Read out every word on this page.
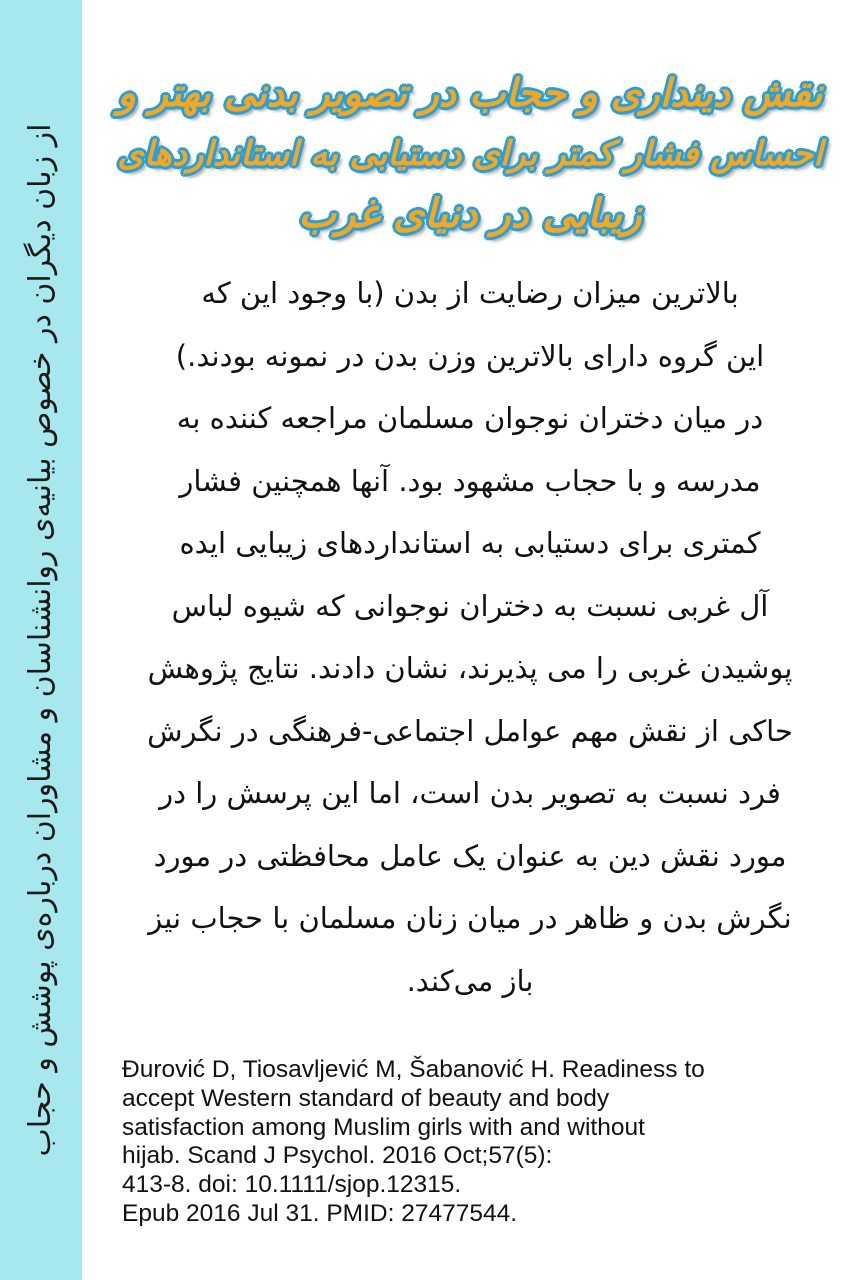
از زبان دیگران در خصوص بیانیه‌ی روانشناسان و مشاوران درباره‌ی پوشش و حجاب
نقش دینداری و حجاب در تصویر بدنی بهتر و
احساس فشار کمتر برای دستیابی به استانداردهای
زیبایی در دنیای غرب
بالاترین میزان رضایت از بدن (با وجود این که
این گروه دارای بالاترین وزن بدن در نمونه بودند.)
در میان دختران نوجوان مسلمان مراجعه کننده به
مدرسه و با حجاب مشهود بود. آنها همچنین فشار
کمتری برای دستیابی به استانداردهای زیبایی ایده
آل غربی نسبت به دختران نوجوانی که شیوه لباس
پوشیدن غربی را می پذیرند، نشان دادند. نتایج پژوهش
حاکی از نقش مهم عوامل اجتماعی-فرهنگی در نگرش
فرد نسبت به تصویر بدن است، اما این پرسش را در
مورد نقش دین به عنوان یک عامل محافظتی در مورد
نگرش بدن و ظاهر در میان زنان مسلمان با حجاب نیز
باز می‌کند.
Đurović D, Tiosavljević M, Šabanović H. Readiness to
accept Western standard of beauty and body
satisfaction among Muslim girls with and without
hijab. Scand J Psychol. 2016 Oct;57(5):
413-8. doi: 10.1111/sjop.12315.
Epub 2016 Jul 31. PMID: 27477544.
